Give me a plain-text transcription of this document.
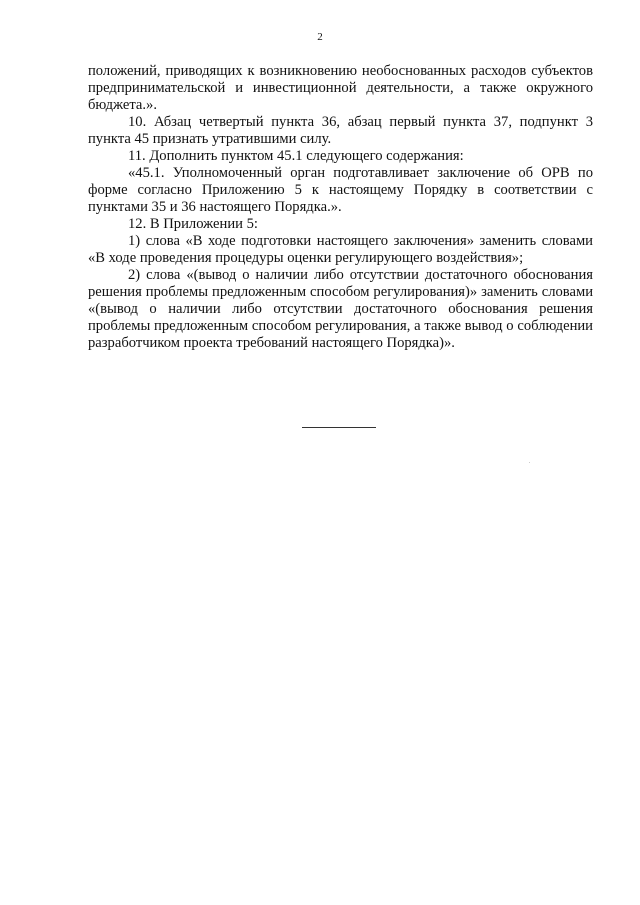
2

положений, приводящих к возникновению необоснованных расходов субъектов предпринимательской и инвестиционной деятельности, а также окружного бюджета.».

10. Абзац четвертый пункта 36, абзац первый пункта 37, подпункт 3 пункта 45 признать утратившими силу.

11. Дополнить пунктом 45.1 следующего содержания:

«45.1. Уполномоченный орган подготавливает заключение об ОРВ по форме согласно Приложению 5 к настоящему Порядку в соответствии с пунктами 35 и 36 настоящего Порядка.».

12. В Приложении 5:

1) слова «В ходе подготовки настоящего заключения» заменить словами «В ходе проведения процедуры оценки регулирующего воздействия»;

2) слова «(вывод о наличии либо отсутствии достаточного обоснования решения проблемы предложенным способом регулирования)» заменить словами «(вывод о наличии либо отсутствии достаточного обоснования решения проблемы предложенным способом регулирования, а также вывод о соблюдении разработчиком проекта требований настоящего Порядка)».
